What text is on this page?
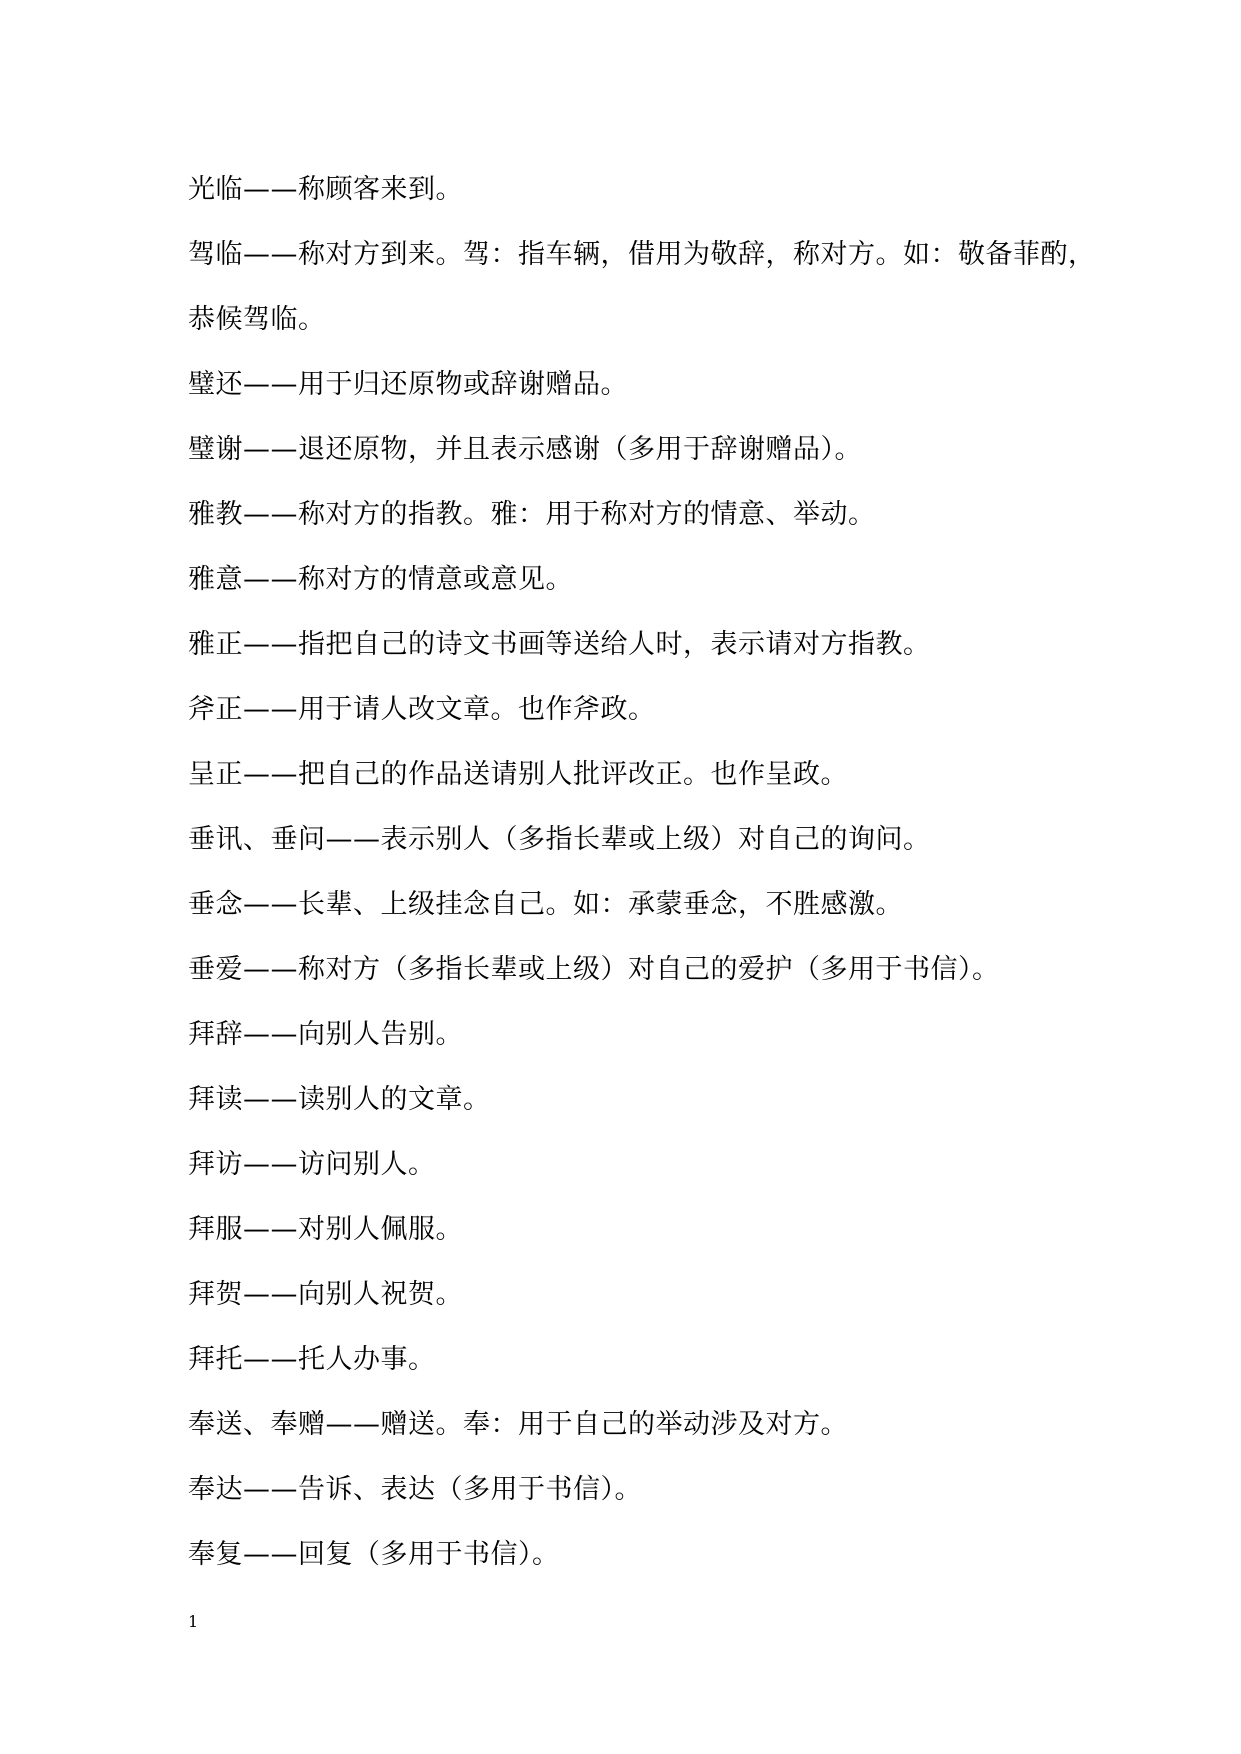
光临——称顾客来到。
驾临——称对方到来。驾：指车辆，借用为敬辞，称对方。如：敬备菲酌，
恭候驾临。
璧还——用于归还原物或辞谢赠品。
璧谢——退还原物，并且表示感谢（多用于辞谢赠品）。
雅教——称对方的指教。雅：用于称对方的情意、举动。
雅意——称对方的情意或意见。
雅正——指把自己的诗文书画等送给人时，表示请对方指教。
斧正——用于请人改文章。也作斧政。
呈正——把自己的作品送请别人批评改正。也作呈政。
垂讯、垂问——表示别人（多指长辈或上级）对自己的询问。
垂念——长辈、上级挂念自己。如：承蒙垂念，不胜感激。
垂爱——称对方（多指长辈或上级）对自己的爱护（多用于书信）。
拜辞——向别人告别。
拜读——读别人的文章。
拜访——访问别人。
拜服——对别人佩服。
拜贺——向别人祝贺。
拜托——托人办事。
奉送、奉赠——赠送。奉：用于自己的举动涉及对方。
奉达——告诉、表达（多用于书信）。
奉复——回复（多用于书信）。
1
